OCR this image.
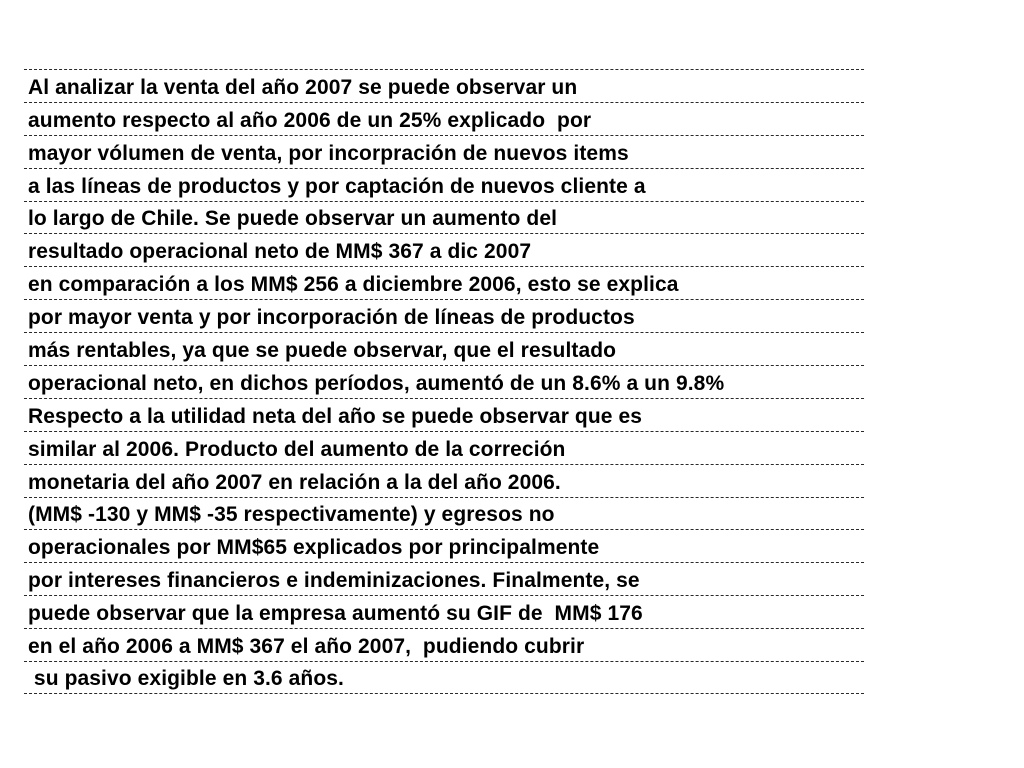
Al analizar la venta del año 2007 se puede observar un
aumento respecto al año 2006 de un 25% explicado  por
mayor vólumen de venta, por incorpración de nuevos items
a las líneas de productos y por captación de nuevos cliente a
lo largo de Chile. Se puede observar un aumento del
resultado operacional neto de MM$ 367 a dic 2007
en comparación a los MM$ 256 a diciembre 2006, esto se explica
por mayor venta y por incorporación de líneas de productos
más rentables, ya que se puede observar, que el resultado
operacional neto, en dichos períodos, aumentó de un 8.6% a un 9.8%
Respecto a la utilidad neta del año se puede observar que es
similar al 2006. Producto del aumento de la correción
monetaria del año 2007 en relación a la del año 2006.
(MM$ -130 y MM$ -35 respectivamente) y egresos no
operacionales por MM$65 explicados por principalmente
por intereses financieros e indeminizaciones. Finalmente, se
puede observar que la empresa aumentó su GIF de  MM$ 176
en el año 2006 a MM$ 367 el año 2007,  pudiendo cubrir
su pasivo exigible en 3.6 años.
